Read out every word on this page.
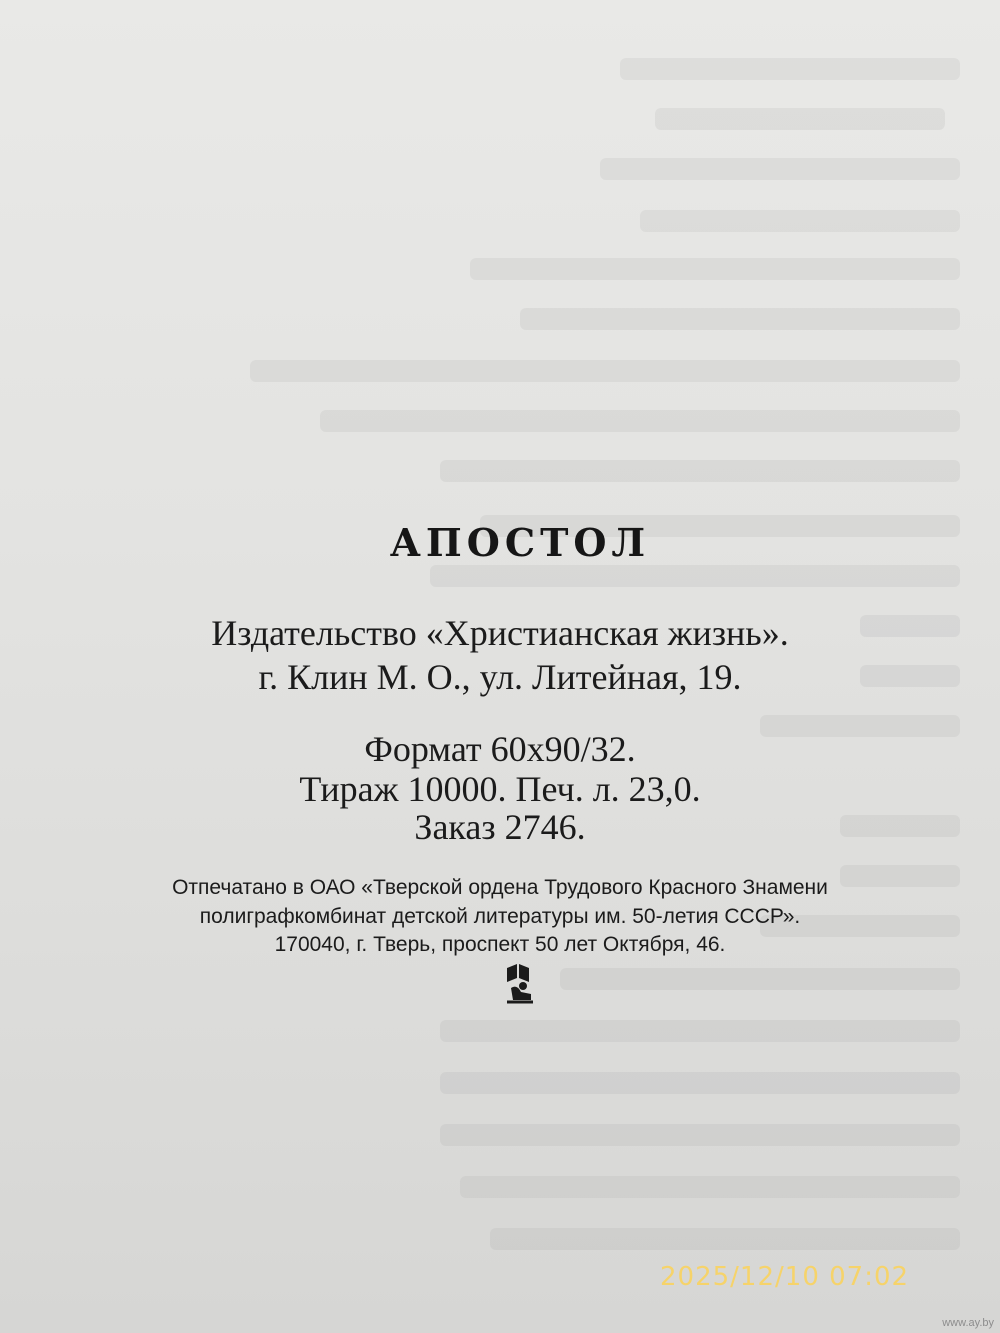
АПОСТОЛ
Издательство «Христианская жизнь».
г. Клин М. О., ул. Литейная, 19.
Формат 60х90/32.
Тираж 10000. Печ. л. 23,0.
Заказ 2746.
Отпечатано в ОАО «Тверской ордена Трудового Красного Знамени
полиграфкомбинат детской литературы им. 50-летия СССР».
170040, г. Тверь, проспект 50 лет Октября, 46.
2025/12/10 07:02
www.ay.by
